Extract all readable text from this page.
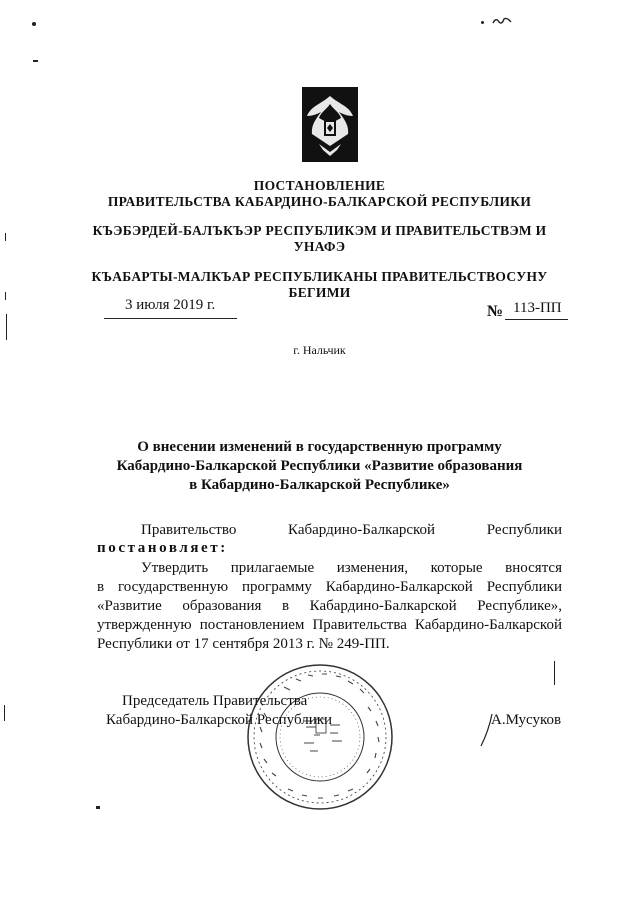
ПОСТАНОВЛЕНИЕ
ПРАВИТЕЛЬСТВА КАБАРДИНО-БАЛКАРСКОЙ РЕСПУБЛИКИ
КЪЭБЭРДЕЙ-БАЛЪКЪЭР РЕСПУБЛИКЭМ И ПРАВИТЕЛЬСТВЭМ И
УНАФЭ
КЪАБАРТЫ-МАЛКЪАР РЕСПУБЛИКАНЫ ПРАВИТЕЛЬСТВОСУНУ
БЕГИМИ
3 июля 2019 г.	№ 113-ПП
г. Нальчик
О внесении изменений в государственную программу
Кабардино-Балкарской Республики «Развитие образования
в Кабардино-Балкарской Республике»
Правительство	Кабардино-Балкарской	Республики
постановляет:
Утвердить прилагаемые изменения, которые вносятся
в государственную программу Кабардино-Балкарской Республики
«Развитие образования в Кабардино-Балкарской Республике»,
утвержденную постановлением Правительства Кабардино-Балкарской
Республики от 17 сентября 2013 г. № 249-ПП.
Председатель Правительства
Кабардино-Балкарской Республики	А.Мусуков
